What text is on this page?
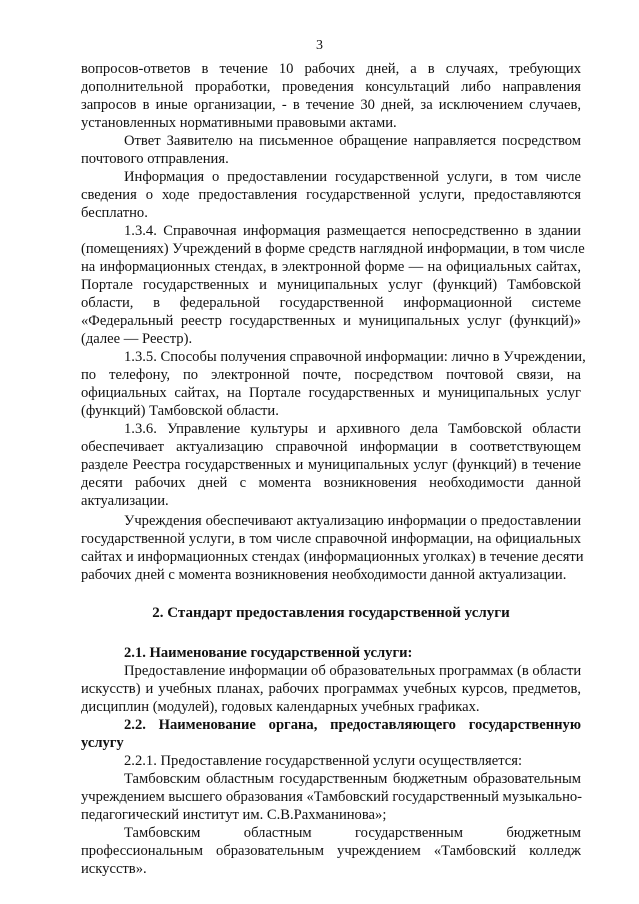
3
вопросов-ответов в течение 10 рабочих дней, а в случаях, требующих
дополнительной проработки, проведения консультаций либо направления
запросов в иные организации, - в течение 30 дней, за исключением случаев,
установленных нормативными правовыми актами.
Ответ Заявителю на письменное обращение направляется посредством
почтового отправления.
Информация о предоставлении государственной услуги, в том числе
сведения о ходе предоставления государственной услуги, предоставляются
бесплатно.
1.3.4. Справочная информация размещается непосредственно в здании
(помещениях) Учреждений в форме средств наглядной информации, в том числе
на информационных стендах, в электронной форме — на официальных сайтах,
Портале государственных и муниципальных услуг (функций) Тамбовской
области, в федеральной государственной информационной системе
«Федеральный реестр государственных и муниципальных услуг (функций)»
(далее — Реестр).
1.3.5. Способы получения справочной информации: лично в Учреждении,
по телефону, по электронной почте, посредством почтовой связи, на
официальных сайтах, на Портале государственных и муниципальных услуг
(функций) Тамбовской области.
1.3.6. Управление культуры и архивного дела Тамбовской области
обеспечивает актуализацию справочной информации в соответствующем
разделе Реестра государственных и муниципальных услуг (функций) в течение
десяти рабочих дней с момента возникновения необходимости данной
актуализации.
Учреждения обеспечивают актуализацию информации о предоставлении
государственной услуги, в том числе справочной информации, на официальных
сайтах и информационных стендах (информационных уголках) в течение десяти
рабочих дней с момента возникновения необходимости данной актуализации.
2. Стандарт предоставления государственной услуги
2.1. Наименование государственной услуги:
Предоставление информации об образовательных программах (в области
искусств) и учебных планах, рабочих программах учебных курсов, предметов,
дисциплин (модулей), годовых календарных учебных графиках.
2.2. Наименование органа, предоставляющего государственную
услугу
2.2.1. Предоставление государственной услуги осуществляется:
Тамбовским областным государственным бюджетным образовательным
учреждением высшего образования «Тамбовский государственный музыкально-
педагогический институт им. С.В.Рахманинова»;
Тамбовским областным государственным бюджетным
профессиональным образовательным учреждением «Тамбовский колледж
искусств».
